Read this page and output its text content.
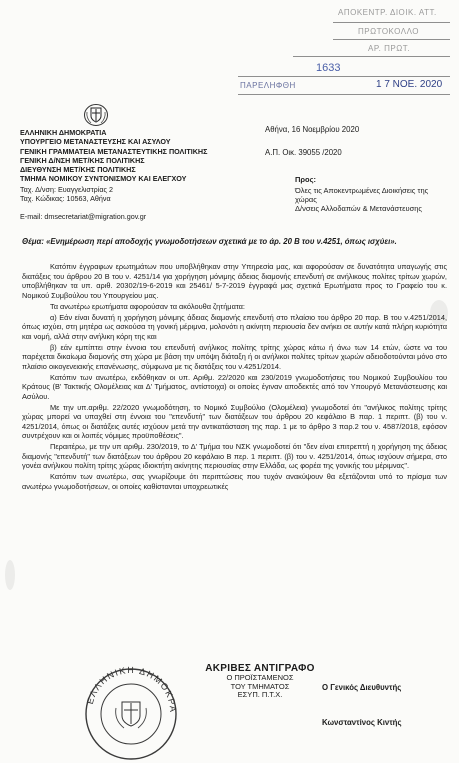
ΑΠΟΚΕΝΤΡ. ΔΙΟΙΚ. ΑΤΤ.
ΠΡΩΤΟΚΟΛΛΟ
ΑΡ. ΠΡΩΤ.
1633
ΠΑΡΕΛΗΦΘΗ	1 7 ΝΟΕ. 2020
ΕΛΛΗΝΙΚΗ ΔΗΜΟΚΡΑΤΙΑ
ΥΠΟΥΡΓΕΙΟ ΜΕΤΑΝΑΣΤΕΥΣΗΣ ΚΑΙ ΑΣΥΛΟΥ
ΓΕΝΙΚΗ ΓΡΑΜΜΑΤΕΙΑ ΜΕΤΑΝΑΣΤΕΥΤΙΚΗΣ ΠΟΛΙΤΙΚΗΣ
ΓΕΝΙΚΗ Δ/ΝΣΗ ΜΕΤ/ΚΗΣ ΠΟΛΙΤΙΚΗΣ
ΔΙΕΥΘΥΝΣΗ ΜΕΤ/ΚΗΣ ΠΟΛΙΤΙΚΗΣ
ΤΜΗΜΑ ΝΟΜΙΚΟΥ ΣΥΝΤΟΝΙΣΜΟΥ ΚΑΙ ΕΛΕΓΧΟΥ
Ταχ. Δ/νση: Ευαγγελιστρίας 2
Ταχ. Κώδικας: 10563, Αθήνα
E-mail: dmsecretariat@migration.gov.gr
Αθήνα, 16 Νοεμβρίου 2020
Α.Π. Οικ. 39055 /2020
Προς:
Όλες τις Αποκεντρωμένες Διοικήσεις της
χώρας
Δ/νσεις Αλλοδαπών & Μετανάστευσης
Θέμα: «Ενημέρωση περί αποδοχής γνωμοδοτήσεων σχετικά με το άρ. 20 Β του ν.4251, όπως ισχύει».

Κατόπιν έγγραφων ερωτημάτων που υποβλήθηκαν στην Υπηρεσία μας, και αφορούσαν σε δυνατότητα υπαγωγής στις διατάξεις του άρθρου 20 Β του ν. 4251/14 για χορήγηση μόνιμης άδειας διαμονής επενδυτή σε ανήλικους πολίτες τρίτων χωρών, υποβλήθηκαν τα υπ. αριθ. 20302/19-6-2019 και 25461/ 5-7-2019 έγγραφά μας σχετικά Ερωτήματα προς το Γραφείο του κ. Νομικού Συμβούλου του Υπουργείου μας.

Τα ανωτέρω ερωτήματα αφορούσαν τα ακόλουθα ζητήματα:

α) Εάν είναι δυνατή η χορήγηση μόνιμης άδειας διαμονής επενδυτή στο πλαίσιο του άρθρο 20 παρ. Β του ν.4251/2014, όπως ισχύει, στη μητέρα ως ασκούσα τη γονική μέριμνα, μολονότι η ακίνητη περιουσία δεν ανήκει σε αυτήν κατά πλήρη κυριότητα και νομή, αλλά στην ανήλικη κόρη της και

β) εάν εμπίπτει στην έννοια του επενδυτή ανήλικος πολίτης τρίτης χώρας κάτω ή άνω των 14 ετών, ώστε να του παρέχεται δικαίωμα διαμονής στη χώρα με βάση την υπόψη διάταξη ή οι ανήλικοι πολίτες τρίτων χωρών αδειοδοτούνται μόνο στο πλαίσιο οικογενειακής επανένωσης, σύμφωνα με τις διατάξεις του ν.4251/2014.

Κατόπιν των ανωτέρω, εκδόθηκαν οι υπ. Αριθμ. 22/2020 και 230/2019 γνωμοδοτήσεις του Νομικού Συμβουλίου του Κράτους (Β' Τακτικής Ολομέλειας και Δ' Τμήματος, αντίστοιχα) οι οποίες έγιναν αποδεκτές από τον Υπουργό Μετανάστευσης και Ασύλου.

Με την υπ.αριθμ. 22/2020 γνωμοδότηση, το Νομικό Συμβούλιο (Ολομέλεια) γνωμοδοτεί ότι "ανήλικος πολίτης τρίτης χώρας μπορεί να υπαχθεί στη έννοια του "επενδυτή" των διατάξεων του άρθρου 20 κεφάλαιο Β παρ. 1 περιπτ. (β) του ν. 4251/2014, όπως οι διατάξεις αυτές ισχύουν μετά την αντικατάσταση της παρ. 1 με το άρθρο 3 παρ.2 του ν. 4587/2018, εφόσον συντρέχουν και οι λοιπές νόμιμες προϋποθέσεις".

Περαιτέρω, με την υπ αριθμ. 230/2019, το Δ' Τμήμα του ΝΣΚ γνωμοδοτεί ότι "δεν είναι επιτρεπτή η χορήγηση της άδειας διαμονής "επενδυτή" των διατάξεων του άρθρου 20 κεφάλαιο Β περ. 1 περιπτ. (β) του ν. 4251/2014, όπως ισχύουν σήμερα, στο γονέα ανήλικου πολίτη τρίτης χώρας ιδιοκτήτη ακίνητης περιουσίας στην Ελλάδα, ως φορέα της γονικής του μέριμνας".

Κατόπιν των ανωτέρω, σας γνωρίζουμε ότι περιπτώσεις που τυχόν ανακύψουν θα εξετάζονται υπό το πρίσμα των ανωτέρω γνωμοδοτήσεων, οι οποίες καθίστανται υποχρεωτικές

ΕΛΛΗΝΙΚΗ ΔΗΜΟΚΡΑ
ΑΚΡΙΒΕΣ ΑΝΤΙΓΡΑΦΟ
Ο ΠΡΟΪΣΤΑΜΕΝΟΣ
ΤΟΥ ΤΜΗΜΑΤΟΣ
ΕΣΥΠ. Π.Τ.Χ.
Ο Γενικός Διευθυντής
Κωνσταντίνος Κιντής
